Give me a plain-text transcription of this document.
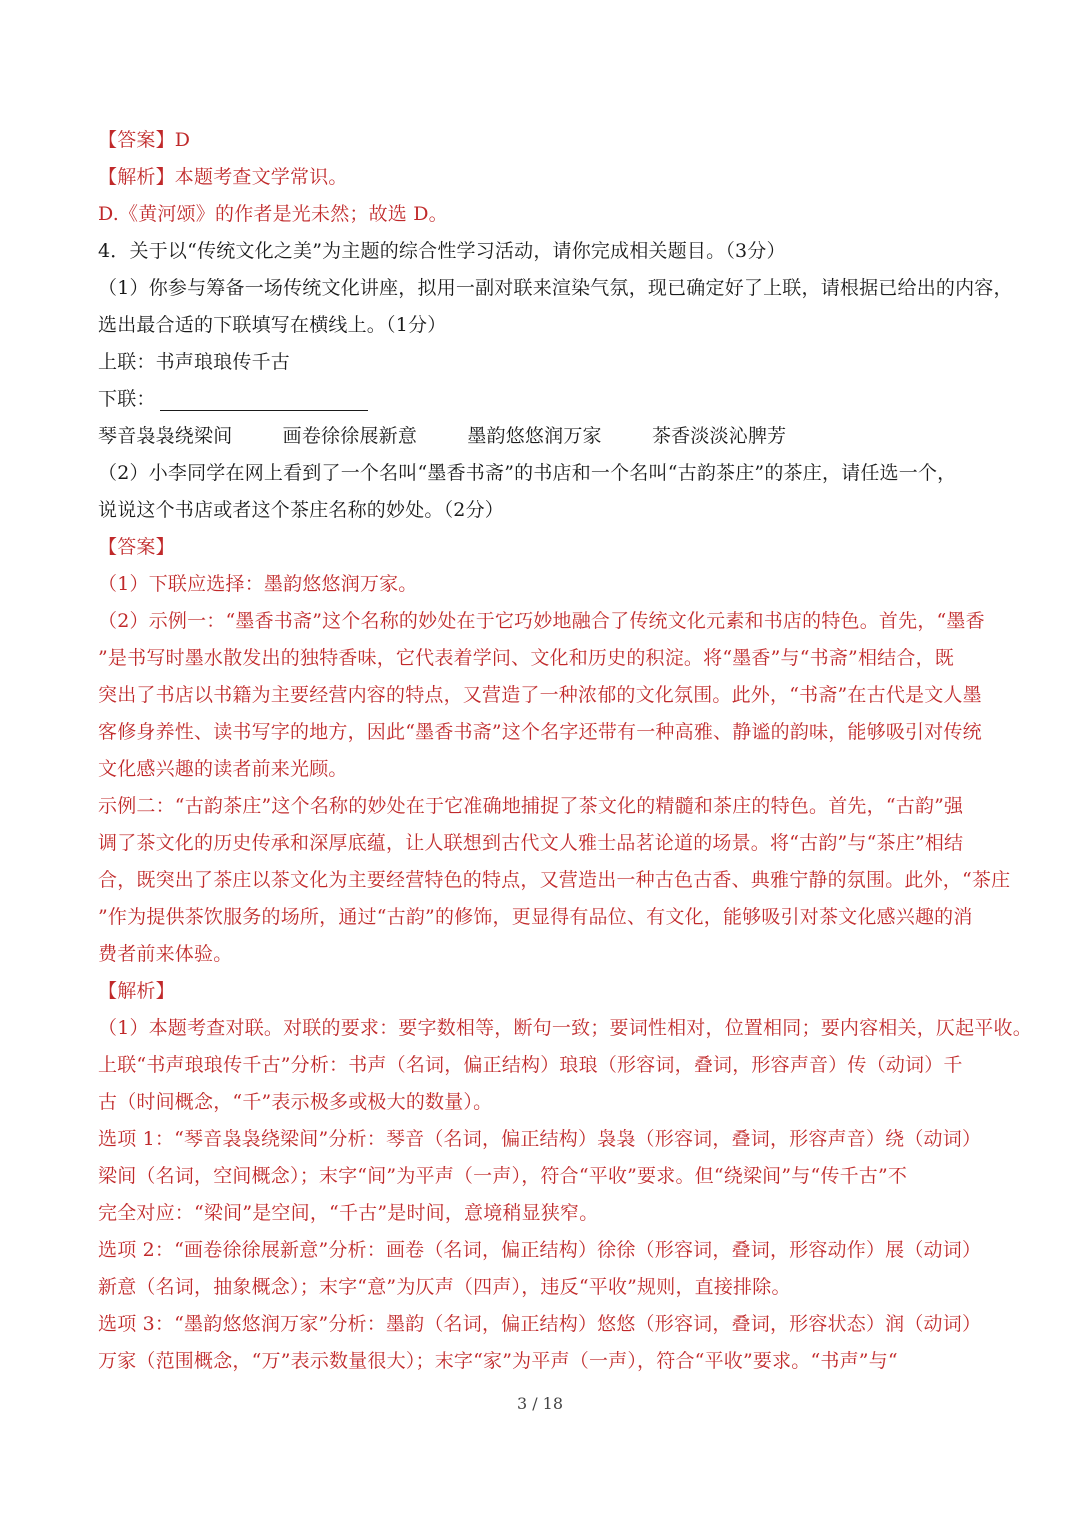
【答案】D
【解析】本题考查文学常识。
D.《黄河颂》的作者是光未然；故选 D。
4．关于以“传统文化之美”为主题的综合性学习活动，请你完成相关题目。（3分）
（1）你参与筹备一场传统文化讲座，拟用一副对联来渲染气氛，现已确定好了上联，请根据已给出的内容，
选出最合适的下联填写在横线上。（1分）
上联：书声琅琅传千古
下联：
琴音袅袅绕梁间	画卷徐徐展新意	墨韵悠悠润万家	茶香淡淡沁脾芳
（2）小李同学在网上看到了一个名叫“墨香书斋”的书店和一个名叫“古韵茶庄”的茶庄，请任选一个，
说说这个书店或者这个茶庄名称的妙处。（2分）
【答案】
（1）下联应选择：墨韵悠悠润万家。
（2）示例一：“墨香书斋”这个名称的妙处在于它巧妙地融合了传统文化元素和书店的特色。首先，“墨香
”是书写时墨水散发出的独特香味，它代表着学问、文化和历史的积淀。将“墨香”与“书斋”相结合，既
突出了书店以书籍为主要经营内容的特点，又营造了一种浓郁的文化氛围。此外，“书斋”在古代是文人墨
客修身养性、读书写字的地方，因此“墨香书斋”这个名字还带有一种高雅、静谧的韵味，能够吸引对传统
文化感兴趣的读者前来光顾。
示例二：“古韵茶庄”这个名称的妙处在于它准确地捕捉了茶文化的精髓和茶庄的特色。首先，“古韵”强
调了茶文化的历史传承和深厚底蕴，让人联想到古代文人雅士品茗论道的场景。将“古韵”与“茶庄”相结
合，既突出了茶庄以茶文化为主要经营特色的特点，又营造出一种古色古香、典雅宁静的氛围。此外，“茶庄
”作为提供茶饮服务的场所，通过“古韵”的修饰，更显得有品位、有文化，能够吸引对茶文化感兴趣的消
费者前来体验。
【解析】
（1）本题考查对联。对联的要求：要字数相等，断句一致；要词性相对，位置相同；要内容相关，仄起平收。
上联“书声琅琅传千古”分析：书声（名词，偏正结构）琅琅（形容词，叠词，形容声音）传（动词）千
古（时间概念，“千”表示极多或极大的数量）。
选项 1：“琴音袅袅绕梁间”分析：琴音（名词，偏正结构）袅袅（形容词，叠词，形容声音）绕（动词）
梁间（名词，空间概念）；末字“间”为平声（一声），符合“平收”要求。但“绕梁间”与“传千古”不
完全对应：“梁间”是空间，“千古”是时间，意境稍显狭窄。
选项 2：“画卷徐徐展新意”分析：画卷（名词，偏正结构）徐徐（形容词，叠词，形容动作）展（动词）
新意（名词，抽象概念）；末字“意”为仄声（四声），违反“平收”规则，直接排除。
选项 3：“墨韵悠悠润万家”分析：墨韵（名词，偏正结构）悠悠（形容词，叠词，形容状态）润（动词）
万家（范围概念，“万”表示数量很大）；末字“家”为平声（一声），符合“平收”要求。“书声”与“
3 / 18
